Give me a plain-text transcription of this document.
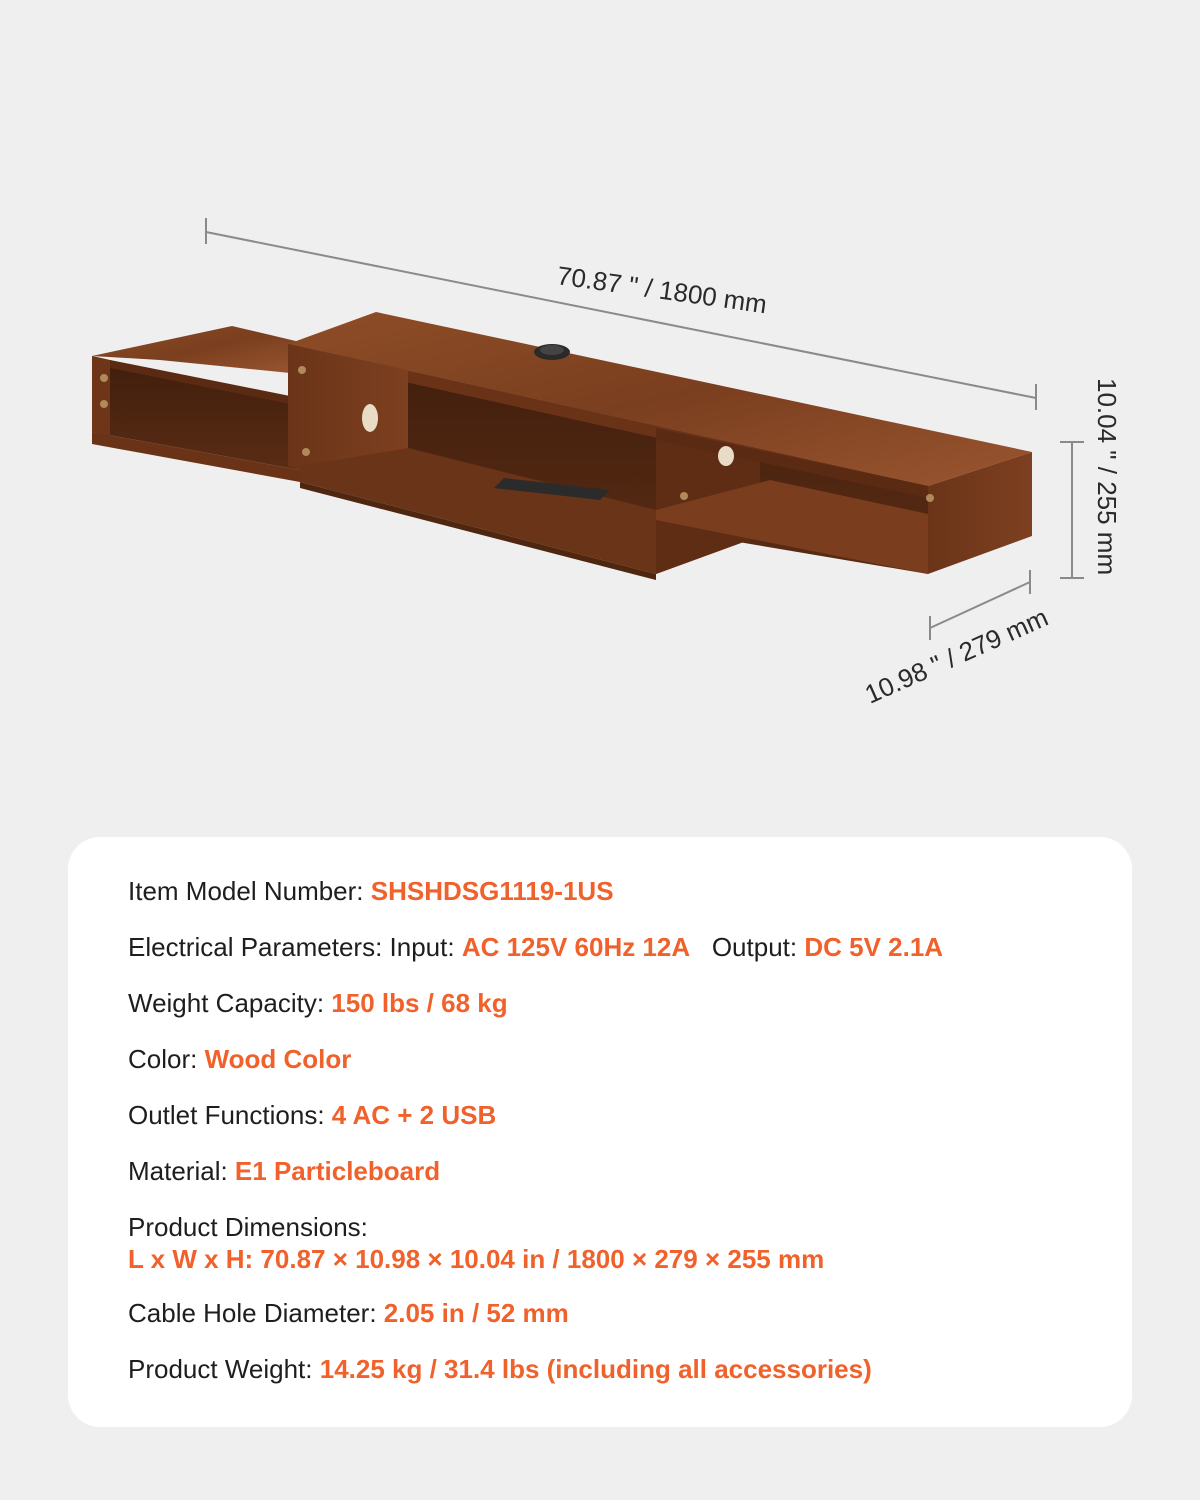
70.87 " / 1800 mm
10.04 " / 255 mm
10.98 " / 279 mm
Item Model Number: SHSHDSG1119-1US
Electrical Parameters: Input: AC 125V 60Hz 12A Output: DC 5V 2.1A
Weight Capacity: 150 lbs / 68 kg
Color: Wood Color
Outlet Functions: 4 AC + 2 USB
Material: E1 Particleboard
Product Dimensions:
L x W x H: 70.87 × 10.98 × 10.04 in / 1800 × 279 × 255 mm
Cable Hole Diameter: 2.05 in / 52 mm
Product Weight: 14.25 kg / 31.4 lbs (including all accessories)
